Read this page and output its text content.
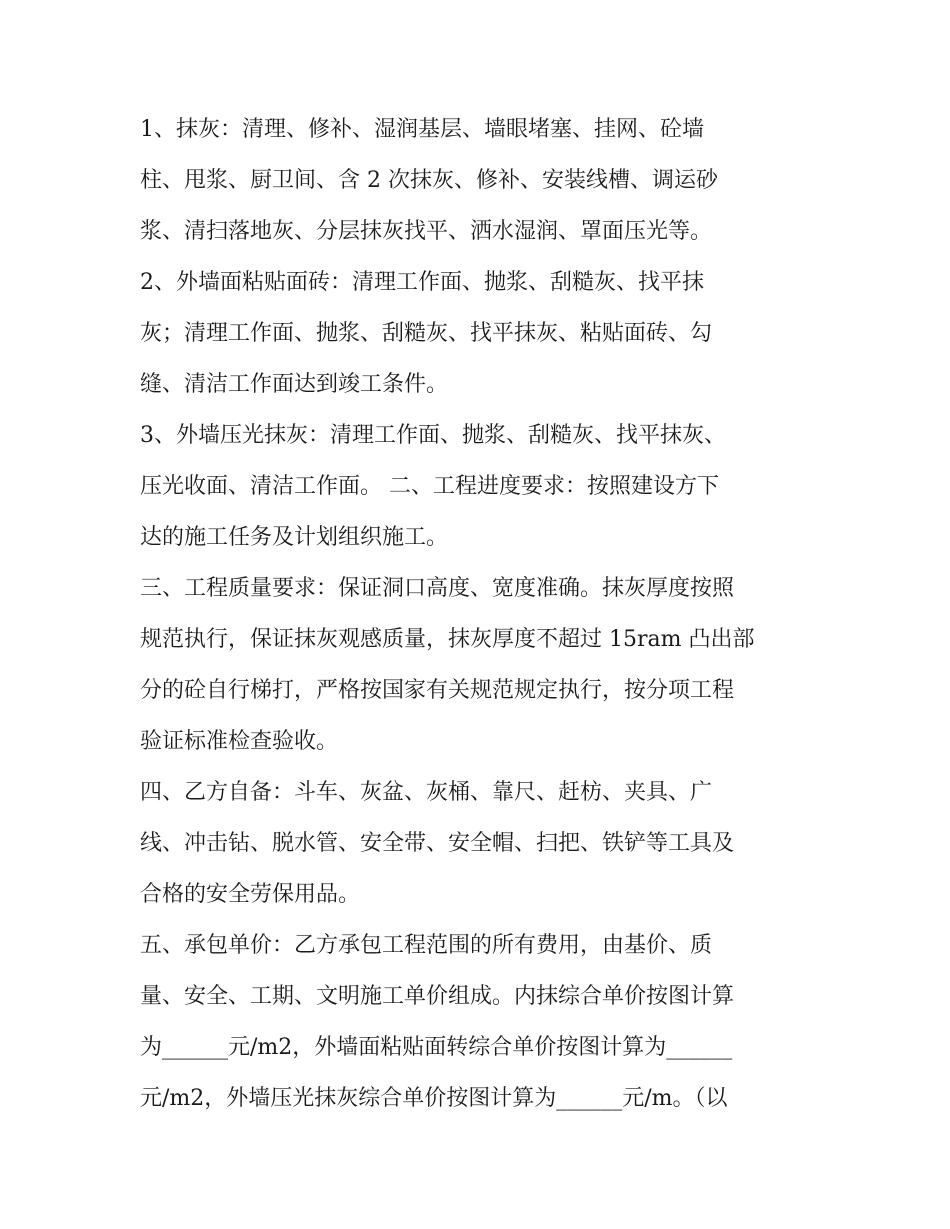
1、抹灰：清理、修补、湿润基层、墙眼堵塞、挂网、砼墙
柱、甩浆、厨卫间、含 2 次抹灰、修补、安装线槽、调运砂
浆、清扫落地灰、分层抹灰找平、洒水湿润、罩面压光等。
2、外墙面粘贴面砖：清理工作面、抛浆、刮糙灰、找平抹
灰；清理工作面、抛浆、刮糙灰、找平抹灰、粘贴面砖、勾
缝、清洁工作面达到竣工条件。
3、外墙压光抹灰：清理工作面、抛浆、刮糙灰、找平抹灰、
压光收面、清洁工作面。 二、工程进度要求：按照建设方下
达的施工任务及计划组织施工。
三、工程质量要求：保证洞口高度、宽度准确。抹灰厚度按照
规范执行，保证抹灰观感质量，抹灰厚度不超过 15ram 凸出部
分的砼自行梯打，严格按国家有关规范规定执行，按分项工程
验证标准检查验收。
四、乙方自备：斗车、灰盆、灰桶、靠尺、赶枋、夹具、广
线、冲击钻、脱水管、安全带、安全帽、扫把、铁铲等工具及
合格的安全劳保用品。
五、承包单价：乙方承包工程范围的所有费用，由基价、质
量、安全、工期、文明施工单价组成。内抹综合单价按图计算
为______元/m2，外墙面粘贴面转综合单价按图计算为______
元/m2，外墙压光抹灰综合单价按图计算为______元/m。（以
